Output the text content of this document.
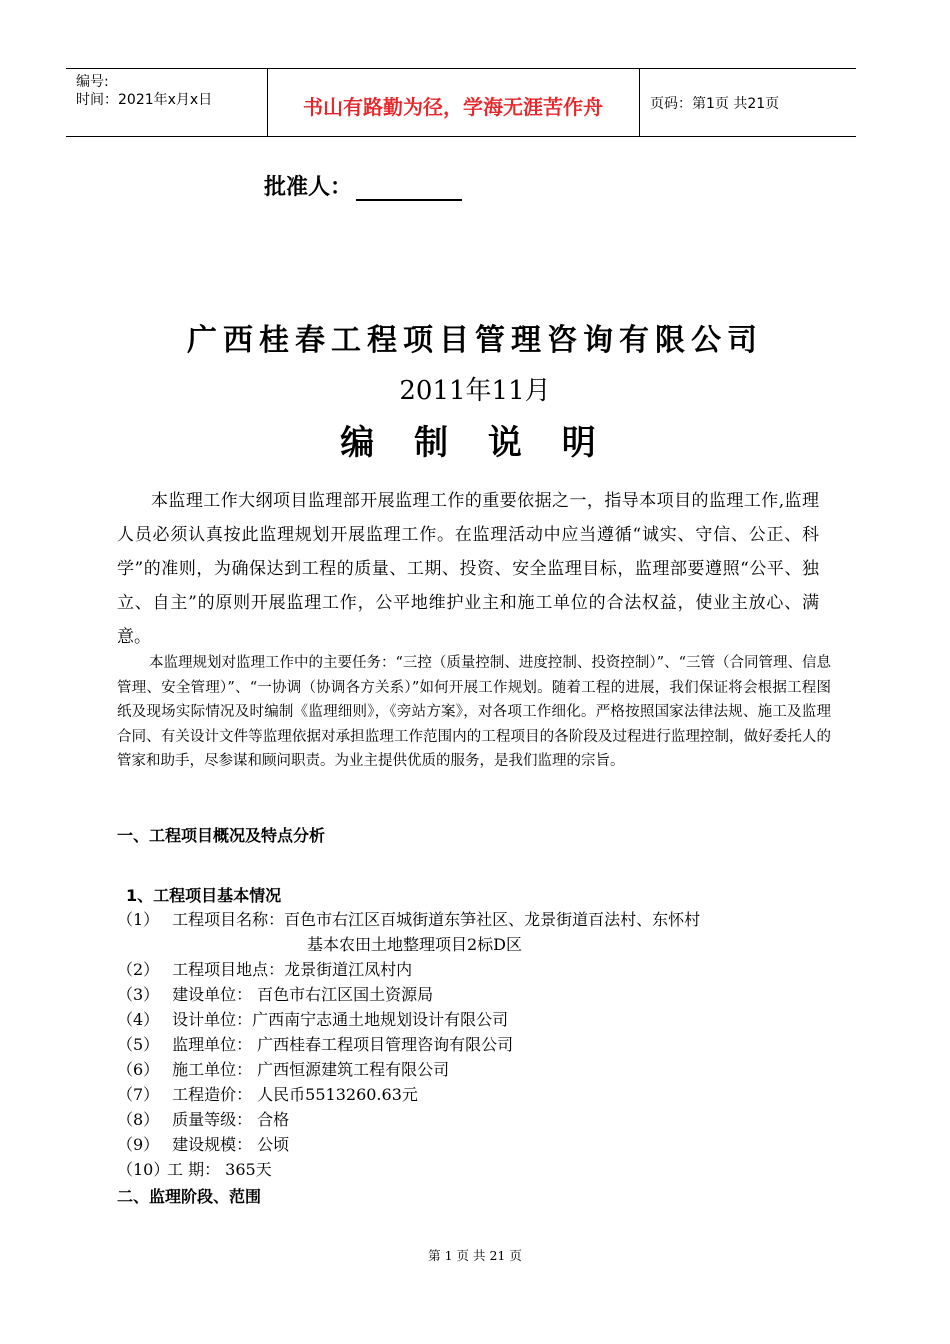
编号:
时间：2021年x月x日	书山有路勤为径，学海无涯苦作舟	页码：第1页 共21页
批准人：
广西桂春工程项目管理咨询有限公司
2011年11月
编 制 说 明

本监理工作大纲项目监理部开展监理工作的重要依据之一，指导本项目的监理工作,监理人员必须认真按此监理规划开展监理工作。在监理活动中应当遵循“诚实、守信、公正、科学”的准则，为确保达到工程的质量、工期、投资、安全监理目标，监理部要遵照“公平、独立、自主”的原则开展监理工作，公平地维护业主和施工单位的合法权益，使业主放心、满意。

本监理规划对监理工作中的主要任务：“三控（质量控制、进度控制、投资控制）”、“三管（合同管理、信息管理、安全管理）”、“一协调（协调各方关系）”如何开展工作规划。随着工程的进展，我们保证将会根据工程图纸及现场实际情况及时编制《监理细则》，《旁站方案》，对各项工作细化。严格按照国家法律法规、施工及监理合同、有关设计文件等监理依据对承担监理工作范围内的工程项目的各阶段及过程进行监理控制，做好委托人的管家和助手，尽参谋和顾问职责。为业主提供优质的服务，是我们监理的宗旨。

一、工程项目概况及特点分析
1、工程项目基本情况
（1） 工程项目名称：百色市右江区百城街道东笋社区、龙景街道百法村、东怀村
基本农田土地整理项目2标D区
（2） 工程项目地点：龙景街道江凤村内
（3） 建设单位： 百色市右江区国土资源局
（4） 设计单位：广西南宁志通土地规划设计有限公司
（5） 监理单位： 广西桂春工程项目管理咨询有限公司
（6） 施工单位： 广西恒源建筑工程有限公司
（7） 工程造价： 人民币5513260.63元
（8） 质量等级： 合格
（9） 建设规模： 公顷
（10）工 期： 365天
二、监理阶段、范围
第 1 页 共 21 页
